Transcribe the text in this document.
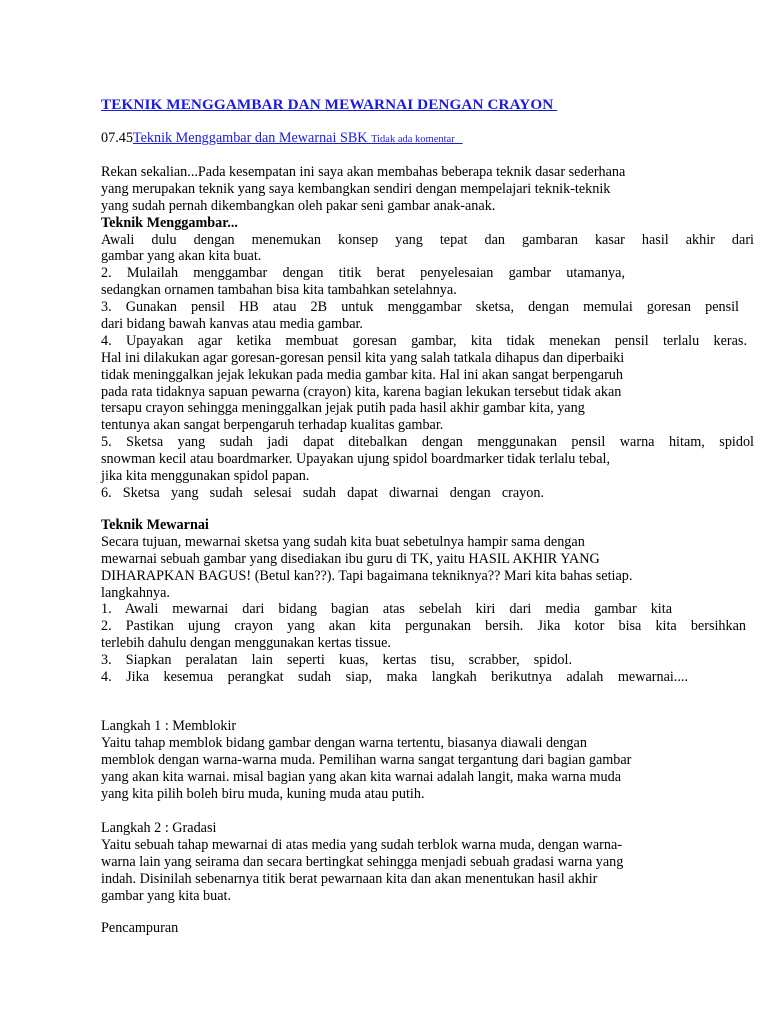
TEKNIK MENGGAMBAR DAN MEWARNAI DENGAN CRAYON
07.45Teknik Menggambar dan Mewarnai SBK Tidak ada komentar
Rekan sekalian...Pada kesempatan ini saya akan membahas beberapa teknik dasar sederhana
yang merupakan teknik yang saya kembangkan sendiri dengan mempelajari teknik-teknik
yang sudah pernah dikembangkan oleh pakar seni gambar anak-anak.
Teknik Menggambar...
Awali dulu dengan menemukan konsep yang tepat dan gambaran kasar hasil akhir dari
gambar yang akan kita buat.
2. Mulailah menggambar dengan titik berat penyelesaian gambar utamanya,
sedangkan ornamen tambahan bisa kita tambahkan setelahnya.
3. Gunakan pensil HB atau 2B untuk menggambar sketsa, dengan memulai goresan pensil
dari bidang bawah kanvas atau media gambar.
4. Upayakan agar ketika membuat goresan gambar, kita tidak menekan pensil terlalu keras.
Hal ini dilakukan agar goresan-goresan pensil kita yang salah tatkala dihapus dan diperbaiki
tidak meninggalkan jejak lekukan pada media gambar kita. Hal ini akan sangat berpengaruh
pada rata tidaknya sapuan pewarna (crayon) kita, karena bagian lekukan tersebut tidak akan
tersapu crayon sehingga meninggalkan jejak putih pada hasil akhir gambar kita, yang
tentunya akan sangat berpengaruh terhadap kualitas gambar.
5. Sketsa yang sudah jadi dapat ditebalkan dengan menggunakan pensil warna hitam, spidol
snowman kecil atau boardmarker. Upayakan ujung spidol boardmarker tidak terlalu tebal,
jika kita menggunakan spidol papan.
6. Sketsa yang sudah selesai sudah dapat diwarnai dengan crayon.
Teknik Mewarnai
Secara tujuan, mewarnai sketsa yang sudah kita buat sebetulnya hampir sama dengan
mewarnai sebuah gambar yang disediakan ibu guru di TK, yaitu HASIL AKHIR YANG
DIHARAPKAN BAGUS! (Betul kan??). Tapi bagaimana tekniknya?? Mari kita bahas setiap.
langkahnya.
1. Awali mewarnai dari bidang bagian atas sebelah kiri dari media gambar kita
2. Pastikan ujung crayon yang akan kita pergunakan bersih. Jika kotor bisa kita bersihkan
terlebih dahulu dengan menggunakan kertas tissue.
3. Siapkan peralatan lain seperti kuas, kertas tisu, scrabber, spidol.
4. Jika kesemua perangkat sudah siap, maka langkah berikutnya adalah mewarnai....
Langkah 1 : Memblokir
Yaitu tahap memblok bidang gambar dengan warna tertentu, biasanya diawali dengan
memblok dengan warna-warna muda. Pemilihan warna sangat tergantung dari bagian gambar
yang akan kita warnai. misal bagian yang akan kita warnai adalah langit, maka warna muda
yang kita pilih boleh biru muda, kuning muda atau putih.
Langkah 2 : Gradasi
Yaitu sebuah tahap mewarnai di atas media yang sudah terblok warna muda, dengan warna-
warna lain yang seirama dan secara bertingkat sehingga menjadi sebuah gradasi warna yang
indah. Disinilah sebenarnya titik berat pewarnaan kita dan akan menentukan hasil akhir
gambar yang kita buat.
Pencampuran
